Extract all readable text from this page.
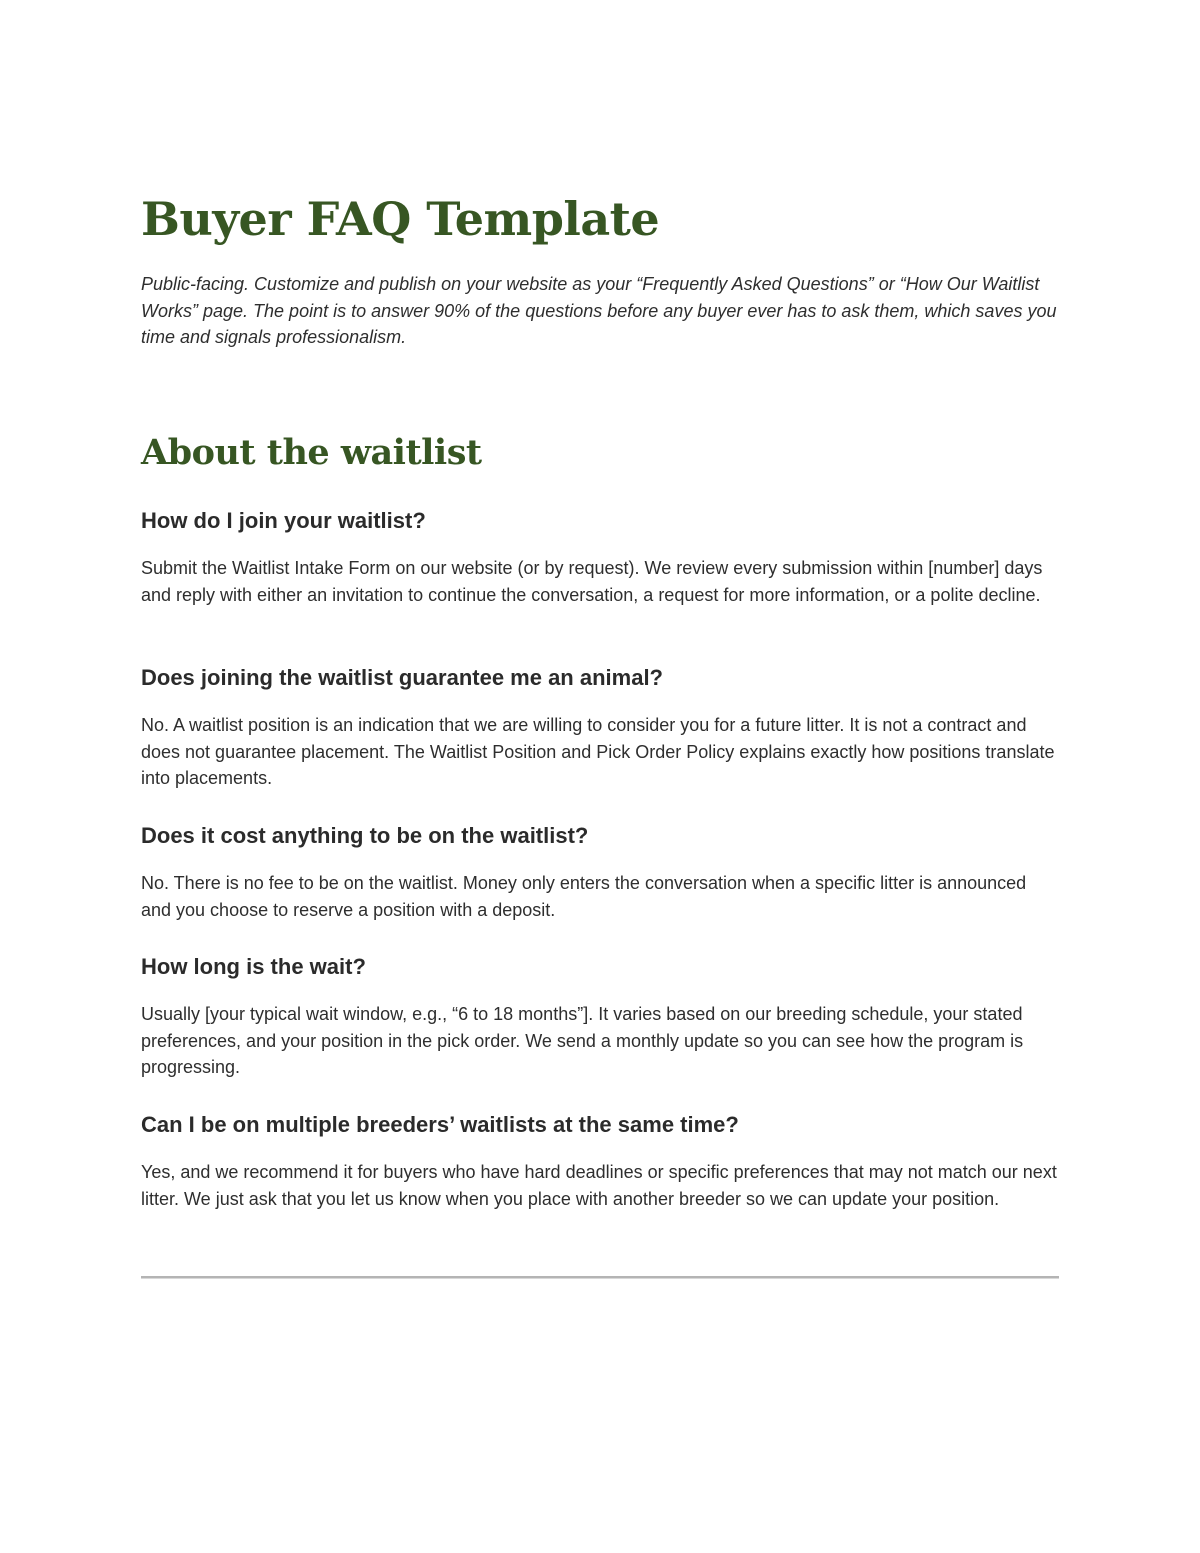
Buyer FAQ Template

Public-facing. Customize and publish on your website as your “Frequently Asked Questions” or “How Our Waitlist Works” page. The point is to answer 90% of the questions before any buyer ever has to ask them, which saves you time and signals professionalism.

About the waitlist
How do I join your waitlist?

Submit the Waitlist Intake Form on our website (or by request). We review every submission within [number] days and reply with either an invitation to continue the conversation, a request for more information, or a polite decline.

Does joining the waitlist guarantee me an animal?

No. A waitlist position is an indication that we are willing to consider you for a future litter. It is not a contract and does not guarantee placement. The Waitlist Position and Pick Order Policy explains exactly how positions translate into placements.

Does it cost anything to be on the waitlist?

No. There is no fee to be on the waitlist. Money only enters the conversation when a specific litter is announced and you choose to reserve a position with a deposit.

How long is the wait?

Usually [your typical wait window, e.g., “6 to 18 months”]. It varies based on our breeding schedule, your stated preferences, and your position in the pick order. We send a monthly update so you can see how the program is progressing.

Can I be on multiple breeders’ waitlists at the same time?

Yes, and we recommend it for buyers who have hard deadlines or specific preferences that may not match our next litter. We just ask that you let us know when you place with another breeder so we can update your position.
